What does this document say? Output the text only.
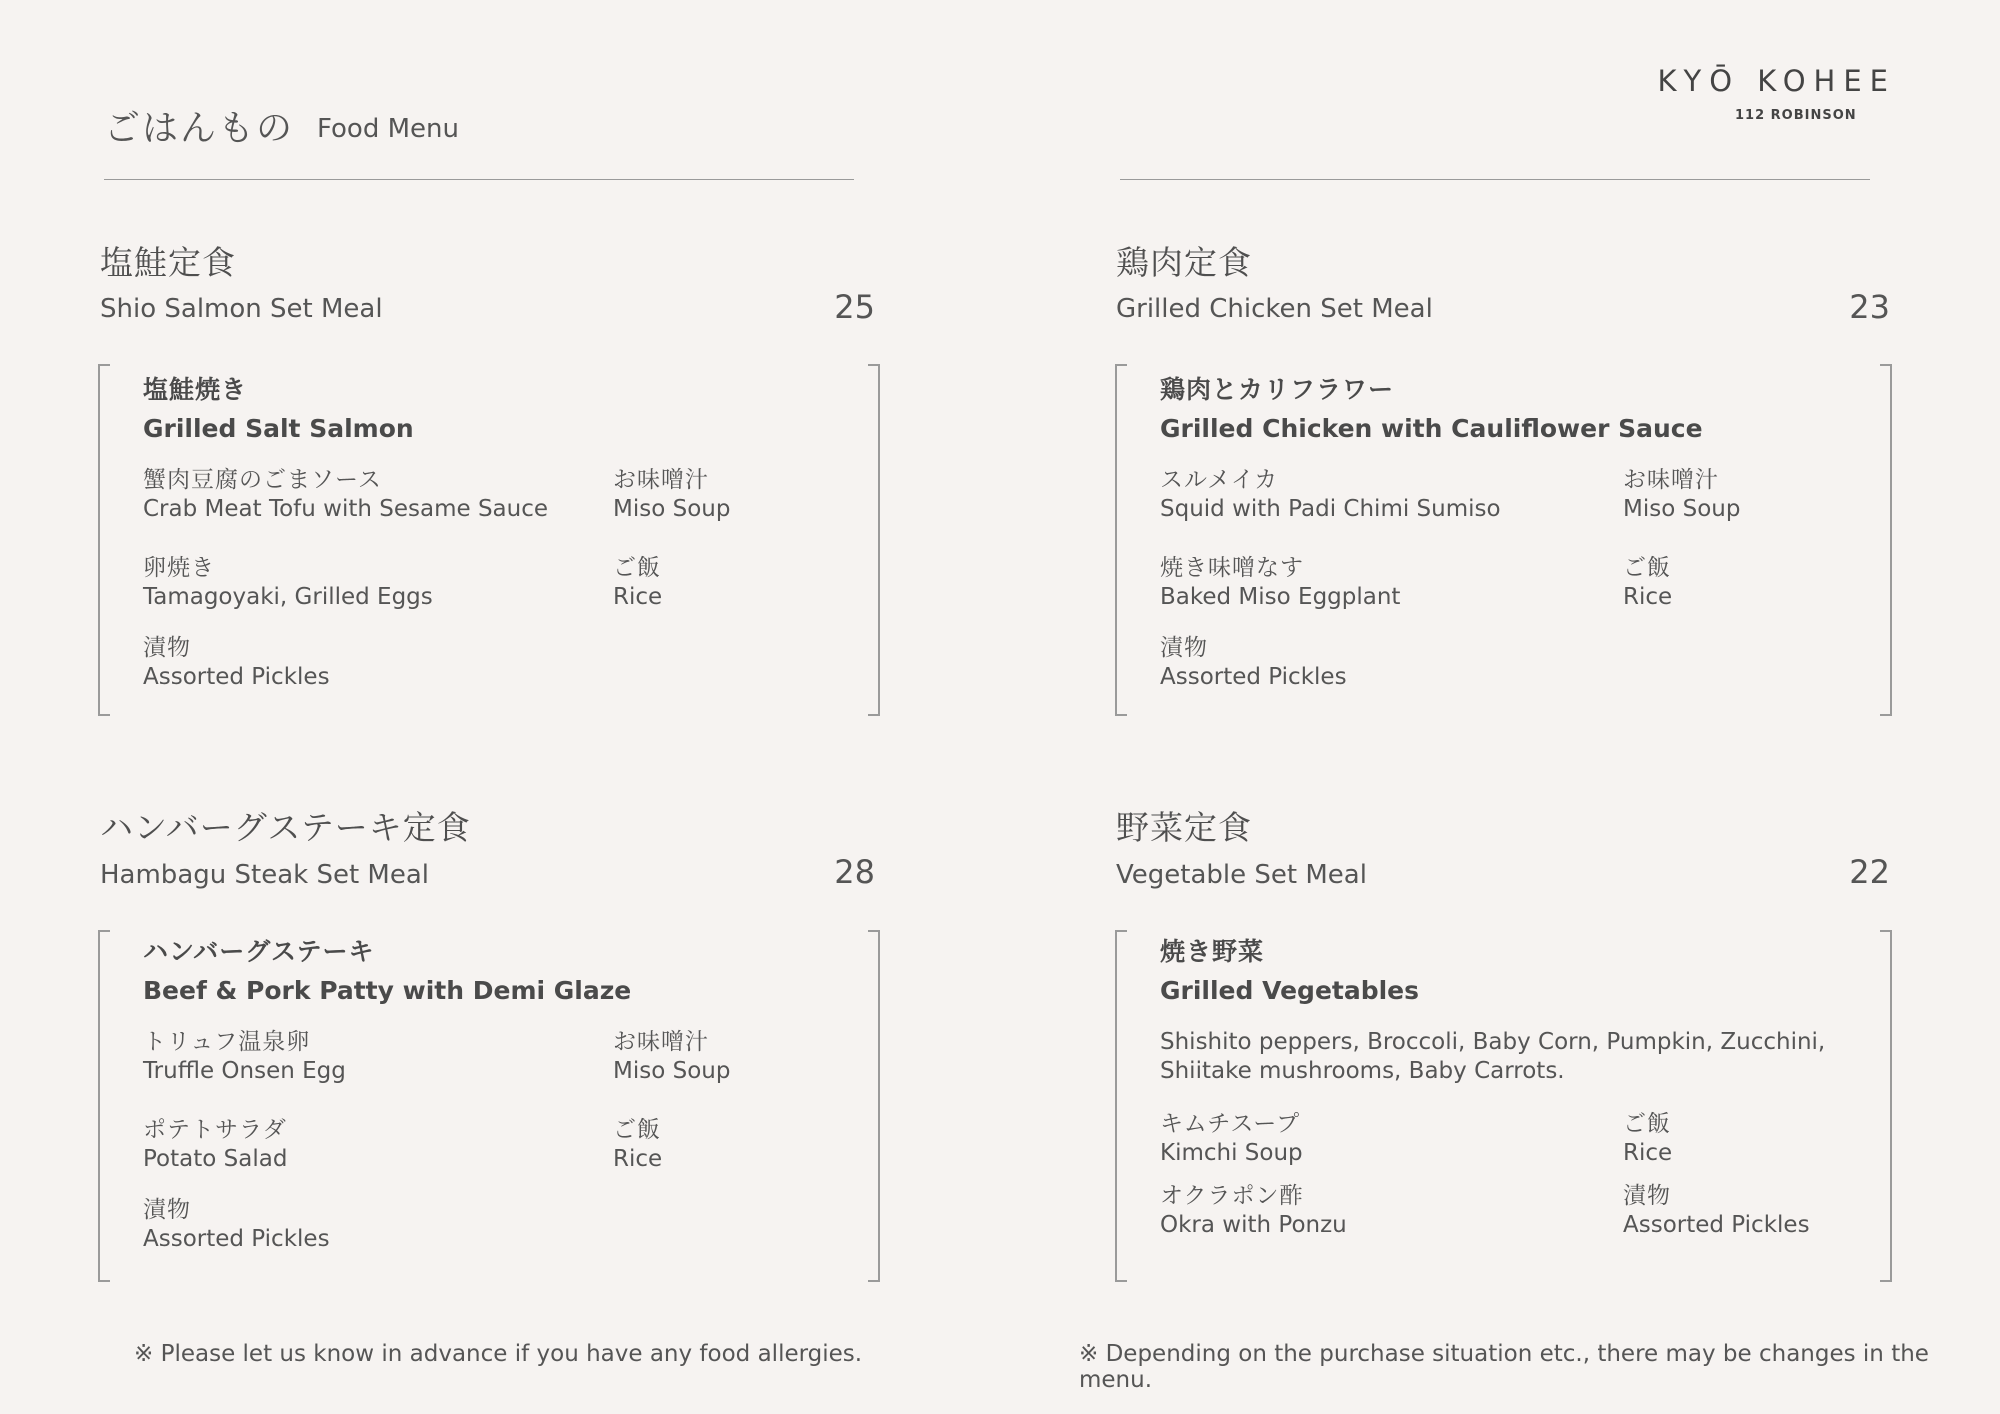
ごはんもの Food Menu
KYŌ KOHEE
112 ROBINSON
塩鮭定食
Shio Salmon Set Meal	25
塩鮭焼き
Grilled Salt Salmon
蟹肉豆腐のごまソース
Crab Meat Tofu with Sesame Sauce
お味噌汁
Miso Soup
卵焼き
Tamagoyaki, Grilled Eggs
ご飯
Rice
漬物
Assorted Pickles
鶏肉定食
Grilled Chicken Set Meal	23
鶏肉とカリフラワー
Grilled Chicken with Cauliflower Sauce
スルメイカ
Squid with Padi Chimi Sumiso
お味噌汁
Miso Soup
焼き味噌なす
Baked Miso Eggplant
ご飯
Rice
漬物
Assorted Pickles
ハンバーグステーキ定食
Hambagu Steak Set Meal	28
ハンバーグステーキ
Beef & Pork Patty with Demi Glaze
トリュフ温泉卵
Truffle Onsen Egg
お味噌汁
Miso Soup
ポテトサラダ
Potato Salad
ご飯
Rice
漬物
Assorted Pickles
野菜定食
Vegetable Set Meal	22
焼き野菜
Grilled Vegetables
Shishito peppers, Broccoli, Baby Corn, Pumpkin, Zucchini, Shiitake mushrooms, Baby Carrots.
キムチスープ
Kimchi Soup
ご飯
Rice
オクラポン酢
Okra with Ponzu
漬物
Assorted Pickles
※ Please let us know in advance if you have any food allergies.	※ Depending on the purchase situation etc., there may be changes in the menu.
